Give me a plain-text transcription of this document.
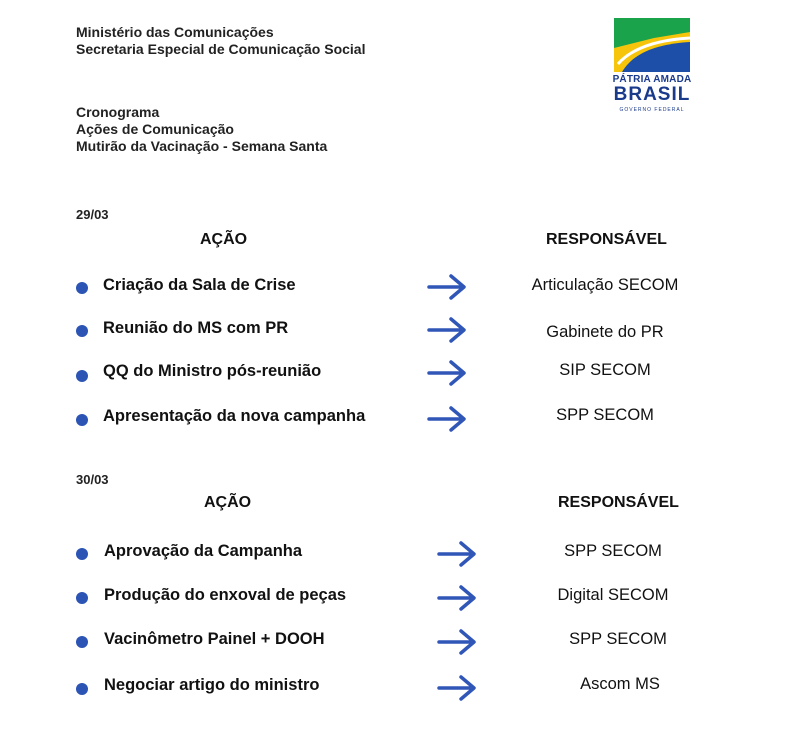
Ministério das Comunicações
Secretaria Especial de Comunicação Social
Cronograma
Ações de Comunicação
Mutirão da Vacinação - Semana Santa
PÁTRIA AMADA
BRASIL
GOVERNO FEDERAL
29/03
AÇÃO	RESPONSÁVEL
Criação da Sala de Crise	Articulação SECOM
Reunião do MS com PR	Gabinete do PR
QQ do Ministro pós-reunião	SIP SECOM
Apresentação da nova campanha	SPP SECOM
30/03
AÇÃO	RESPONSÁVEL
Aprovação da Campanha	SPP SECOM
Produção do enxoval de peças	Digital SECOM
Vacinômetro Painel + DOOH	SPP SECOM
Negociar artigo do ministro	Ascom MS
